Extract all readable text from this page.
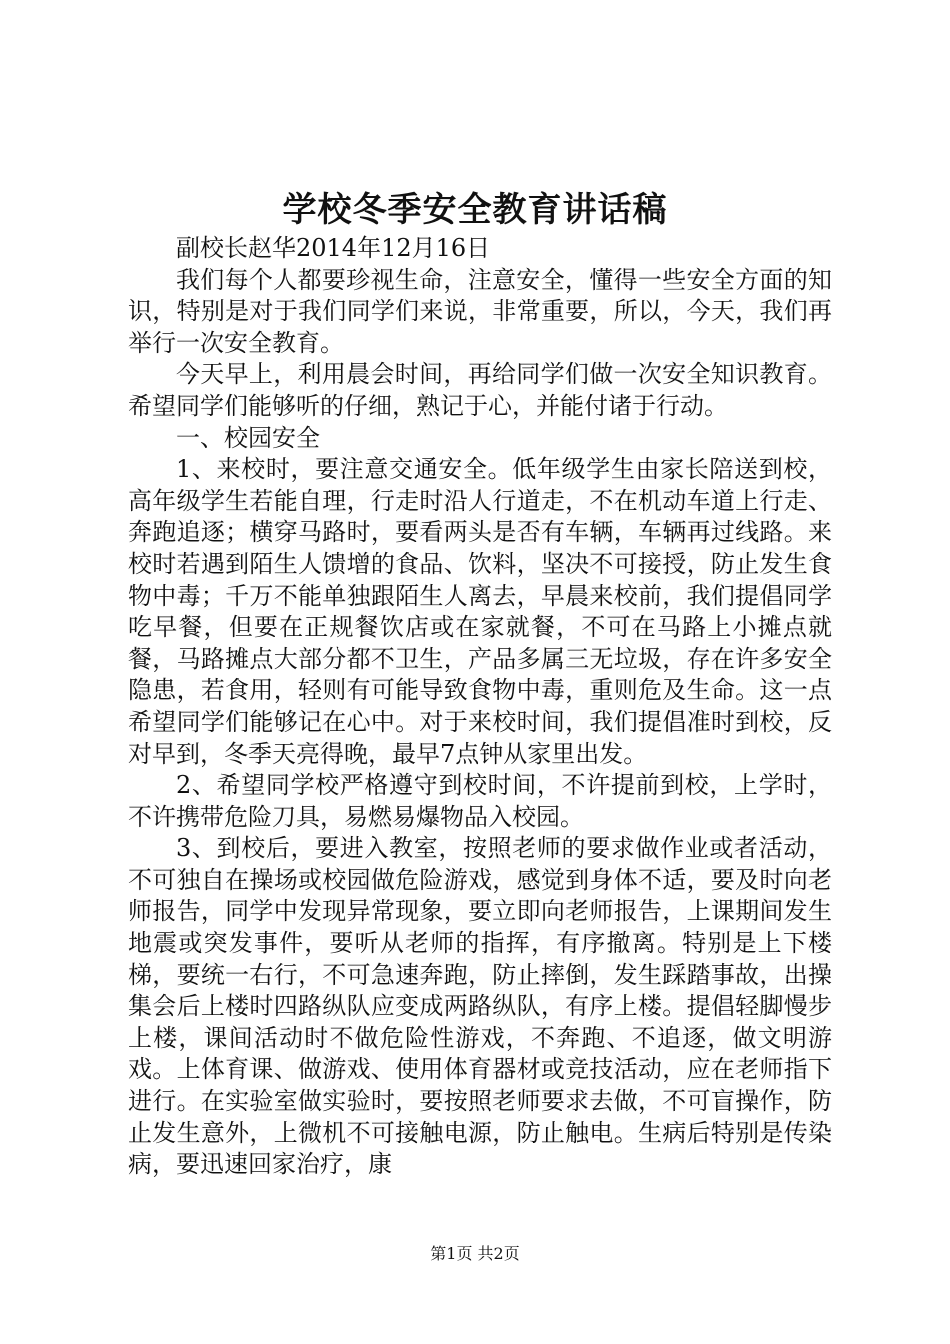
学校冬季安全教育讲话稿

副校长赵华2014年12月16日

我们每个人都要珍视生命，注意安全，懂得一些安全方面的知识，特别是对于我们同学们来说，非常重要，所以，今天，我们再举行一次安全教育。

今天早上，利用晨会时间，再给同学们做一次安全知识教育。希望同学们能够听的仔细，熟记于心，并能付诸于行动。

一、校园安全

1、来校时，要注意交通安全。低年级学生由家长陪送到校，高年级学生若能自理，行走时沿人行道走，不在机动车道上行走、奔跑追逐；横穿马路时，要看两头是否有车辆，车辆再过线路。来校时若遇到陌生人馈增的食品、饮料，坚决不可接授，防止发生食物中毒；千万不能单独跟陌生人离去，早晨来校前，我们提倡同学吃早餐，但要在正规餐饮店或在家就餐，不可在马路上小摊点就餐，马路摊点大部分都不卫生，产品多属三无垃圾，存在许多安全隐患，若食用，轻则有可能导致食物中毒，重则危及生命。这一点希望同学们能够记在心中。对于来校时间，我们提倡准时到校，反对早到，冬季天亮得晚，最早7点钟从家里出发。

2、希望同学校严格遵守到校时间，不许提前到校，上学时，不许携带危险刀具，易燃易爆物品入校园。

3、到校后，要进入教室，按照老师的要求做作业或者活动，不可独自在操场或校园做危险游戏，感觉到身体不适，要及时向老师报告，同学中发现异常现象，要立即向老师报告，上课期间发生地震或突发事件，要听从老师的指挥，有序撤离。特别是上下楼梯，要统一右行，不可急速奔跑，防止摔倒，发生踩踏事故，出操集会后上楼时四路纵队应变成两路纵队，有序上楼。提倡轻脚慢步上楼，课间活动时不做危险性游戏，不奔跑、不追逐，做文明游戏。上体育课、做游戏、使用体育器材或竞技活动，应在老师指下进行。在实验室做实验时，要按照老师要求去做，不可盲操作，防止发生意外，上微机不可接触电源，防止触电。生病后特别是传染病，要迅速回家治疗，康

第1页 共2页
